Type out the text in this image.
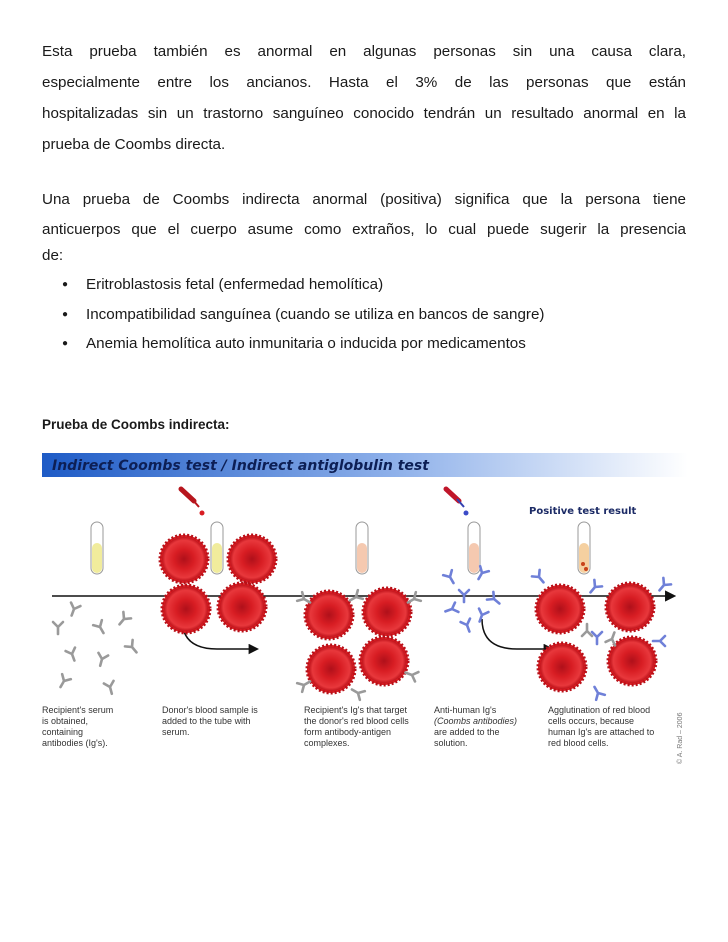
Esta prueba también es anormal en algunas personas sin una causa clara,
especialmente entre los ancianos. Hasta el 3% de las personas que están
hospitalizadas sin un trastorno sanguíneo conocido tendrán un resultado anormal en la
prueba de Coombs directa.
Una prueba de Coombs indirecta anormal (positiva) significa que la persona tiene
anticuerpos que el cuerpo asume como extraños, lo cual puede sugerir la presencia
de:
● Eritroblastosis fetal (enfermedad hemolítica)
● Incompatibilidad sanguínea (cuando se utiliza en bancos de sangre)
● Anemia hemolítica auto inmunitaria o inducida por medicamentos
Prueba de Coombs indirecta:
Indirect Coombs test / Indirect antiglobulin test
Positive test result
© A. Rad – 2006
Recipient's serum is obtained, containing antibodies (Ig's).
Donor's blood sample is added to the tube with serum.
Recipient's Ig's that target the donor's red blood cells form antibody-antigen complexes.
Anti-human Ig's (Coombs antibodies) are added to the solution.
Agglutination of red blood cells occurs, because human Ig's are attached to red blood cells.
